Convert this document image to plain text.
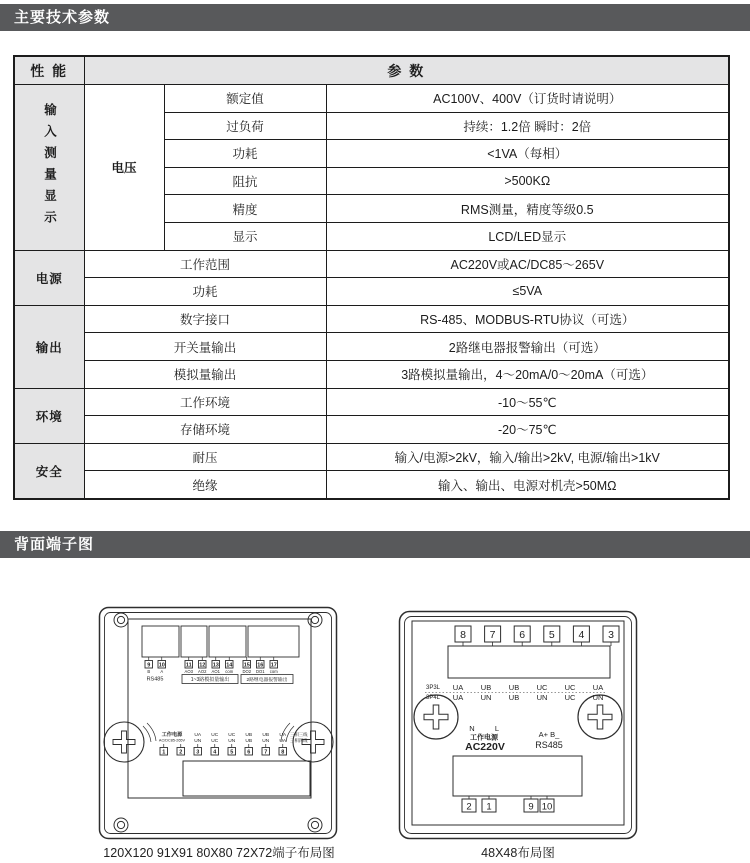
主要技术参数
背面端子图
性 能	参 数		

输入测量显示	电压	额定值	AC100V、400V（订货时请说明）
		过负荷	持续：1.2倍 瞬时：2倍
		功耗	<1VA（每相）
		阻抗	>500KΩ
		精度	RMS测量，精度等级0.5
		显示	LCD/LED显示
电源	工作范围		AC220V或AC/DC85～265V
	功耗		≤5VA
输出	数字接口		RS-485、MODBUS-RTU协议（可选）
	开关量输出		2路继电器报警输出（可选）
	模拟量输出		3路模拟量输出，4～20mA/0～20mA（可选）
环境	工作环境		-10～55℃
	存储环境		-20～75℃
安全	耐压		输入/电源>2kV，输入/输出>2kV, 电源/输出>1kV
	绝缘		输入、输出、电源对机壳>50MΩ
9 10	11 12 13 14 15 16 17
B A	AO3 AO2 AO1 com DO2 DO1 com
RS485	1~3路模拟量输出	2路继电器报警输出
工作电源
AC/DC85-265V
UA UC UC UB UB UA
UN UC UN UB UN UA
三相三线
三相四线
1	2	3	4	5	6	7	8
8 7 6 5 4 3
3P3L UA UB UB UC UC UA
3P4L UA UN UB UN UC UN
N	L
工作电源
AC220V
A+ B_
RS485
2 1	9 10
120X120 91X91 80X80 72X72端子布局图	48X48布局图
